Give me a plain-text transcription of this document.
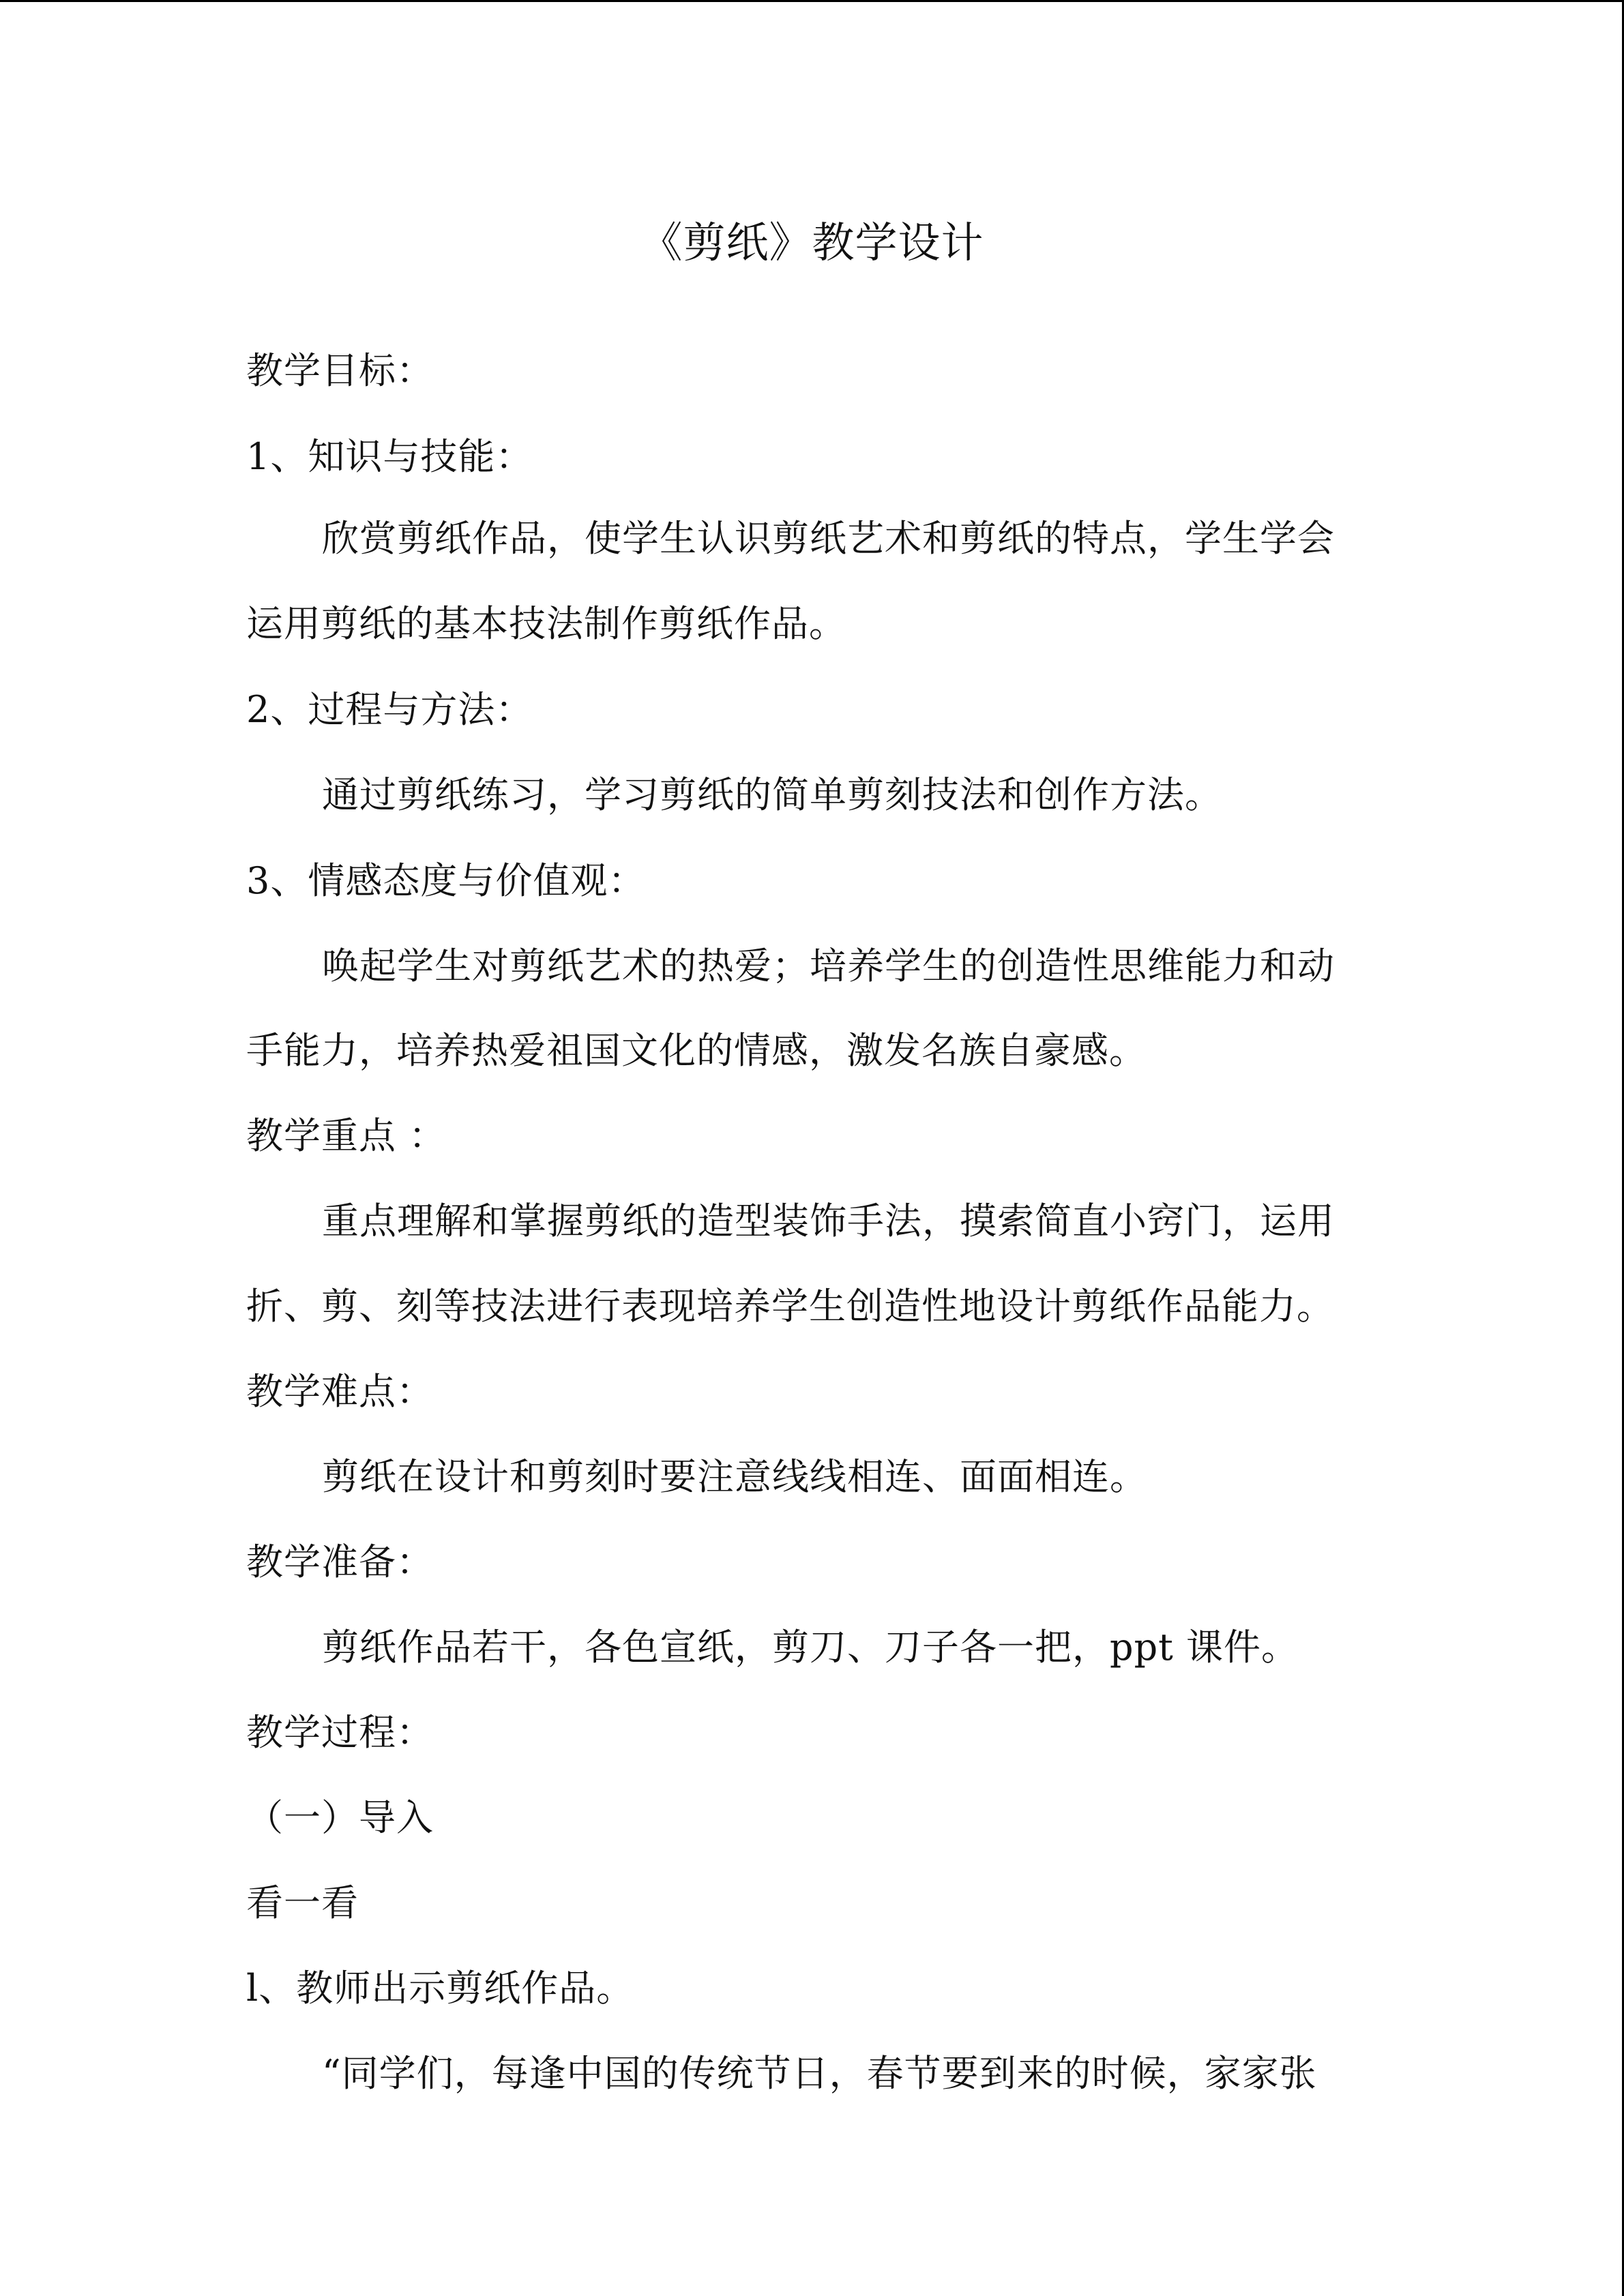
《剪纸》教学设计
教学目标：
1、知识与技能：
欣赏剪纸作品，使学生认识剪纸艺术和剪纸的特点，学生学会
运用剪纸的基本技法制作剪纸作品。
2、过程与方法：
通过剪纸练习，学习剪纸的简单剪刻技法和创作方法。
3、情感态度与价值观：
唤起学生对剪纸艺术的热爱；培养学生的创造性思维能力和动
手能力，培养热爱祖国文化的情感，激发名族自豪感。
教学重点 ：
重点理解和掌握剪纸的造型装饰手法，摸索简直小窍门，运用
折、剪、刻等技法进行表现培养学生创造性地设计剪纸作品能力。
教学难点：
剪纸在设计和剪刻时要注意线线相连、面面相连。
教学准备：
剪纸作品若干，各色宣纸，剪刀、刀子各一把，ppt 课件。
教学过程：
（一）导入
看一看
l、教师出示剪纸作品。
“同学们，每逢中国的传统节日，春节要到来的时候，家家张
